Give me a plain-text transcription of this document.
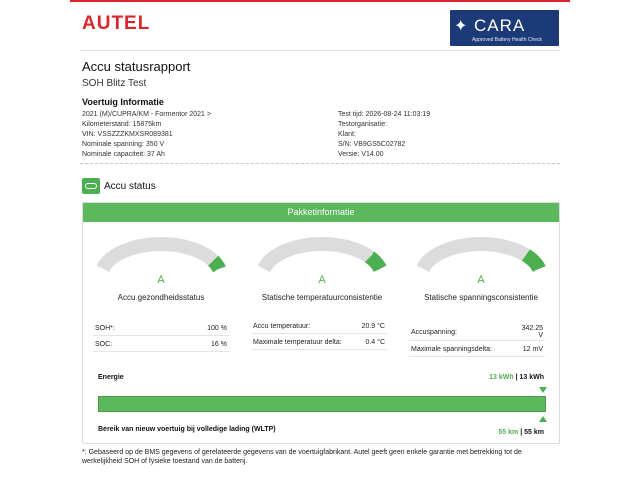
AUTEL	✦ CARA
Approved Battery Health Check
Accu statusrapport
SOH Blitz Test
Voertuig Informatie
2021 (M)/CUPRA/KM - Formentor 2021 >
Kilometerstand: 15875km
VIN: VSSZZZKMXSR089381
Nominale spanning: 350 V
Nominale capaciteit: 37 Ah
Test tijd: 2026-08-24 11:03:19
Testorganisatie:
Klant:
S/N: VB9GS5C02782
Versie: V14.00
Accu status
Pakketinformatie
A
Accu gezondheidsstatus
A
Statische temperatuurconsistentie
A
Statische spanningsconsistentie
SOH*:	100 %
SOC:	16 %
Accu temperatuur:	20.9 °C
Maximale temperatuur delta:	0.4 °C
Accuspanning:
342.25 V
Maximale spanningsdelta:	12 mV
Energie	13 kWh | 13 kWh
Bereik van nieuw voertuig bij volledige lading (WLTP)	55 km | 55 km
*: Gebaseerd op de BMS gegevens of gerelateerde gegevens van de voertuigfabrikant. Autel geeft geen enkele garantie met betrekking tot de werkelijkheid SOH of fysieke toestand van de batterij.
